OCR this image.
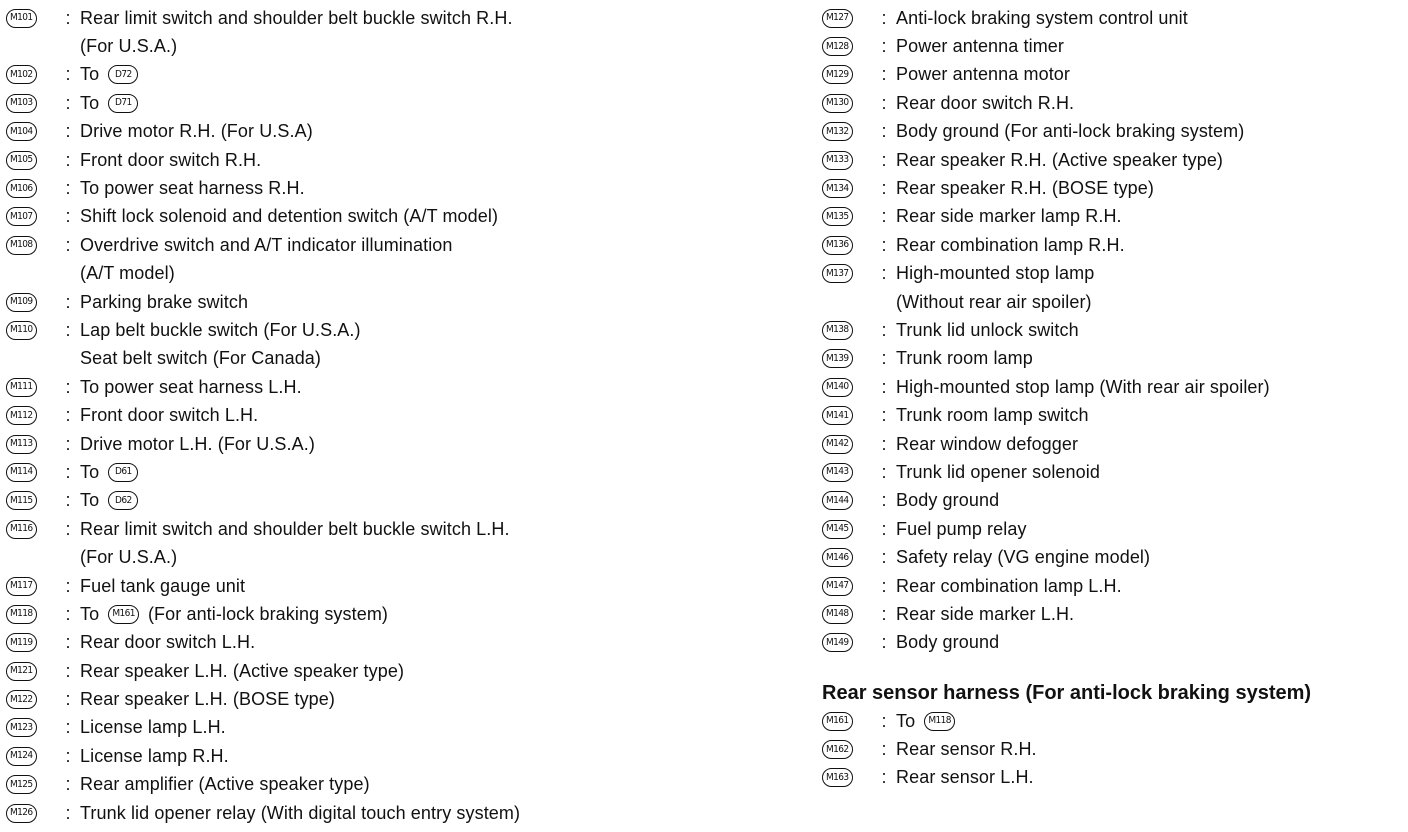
M101	: Rear limit switch and shoulder belt buckle switch R.H.
(For U.S.A.)
M102	: To	D72
M103	: To	D71
M104	: Drive motor R.H. (For U.S.A)
M105	: Front door switch R.H.
M106	: To power seat harness R.H.
M107	: Shift lock solenoid and detention switch (A/T model)
M108	: Overdrive switch and A/T indicator illumination
(A/T model)
M109	: Parking brake switch
M110	: Lap belt buckle switch (For U.S.A.)
Seat belt switch (For Canada)
M111	: To power seat harness L.H.
M112	: Front door switch L.H.
M113	: Drive motor L.H. (For U.S.A.)
M114	: To	D61
M115	: To	D62
M116	: Rear limit switch and shoulder belt buckle switch L.H.
(For U.S.A.)
M117	: Fuel tank gauge unit
M118	: To M161 (For anti-lock braking system)
M119	: Rear door switch L.H.
M121	: Rear speaker L.H. (Active speaker type)
M122	: Rear speaker L.H. (BOSE type)
M123	: License lamp L.H.
M124	: License lamp R.H.
M125	: Rear amplifier (Active speaker type)
M126	: Trunk lid opener relay (With digital touch entry system)
M127	: Anti-lock braking system control unit
M128	: Power antenna timer
M129	: Power antenna motor
M130	: Rear door switch R.H.
M132	: Body ground (For anti-lock braking system)
M133	: Rear speaker R.H. (Active speaker type)
M134	: Rear speaker R.H. (BOSE type)
M135	: Rear side marker lamp R.H.
M136	: Rear combination lamp R.H.
M137	: High-mounted stop lamp
(Without rear air spoiler)
M138	: Trunk lid unlock switch
M139	: Trunk room lamp
M140	: High-mounted stop lamp (With rear air spoiler)
M141	: Trunk room lamp switch
M142	: Rear window defogger
M143	: Trunk lid opener solenoid
M144	: Body ground
M145	: Fuel pump relay
M146	: Safety relay (VG engine model)
M147	: Rear combination lamp L.H.
M148	: Rear side marker L.H.
M149	: Body ground
Rear sensor harness (For anti-lock braking system)
M161	: To M118
M162	: Rear sensor R.H.
M163	: Rear sensor L.H.
